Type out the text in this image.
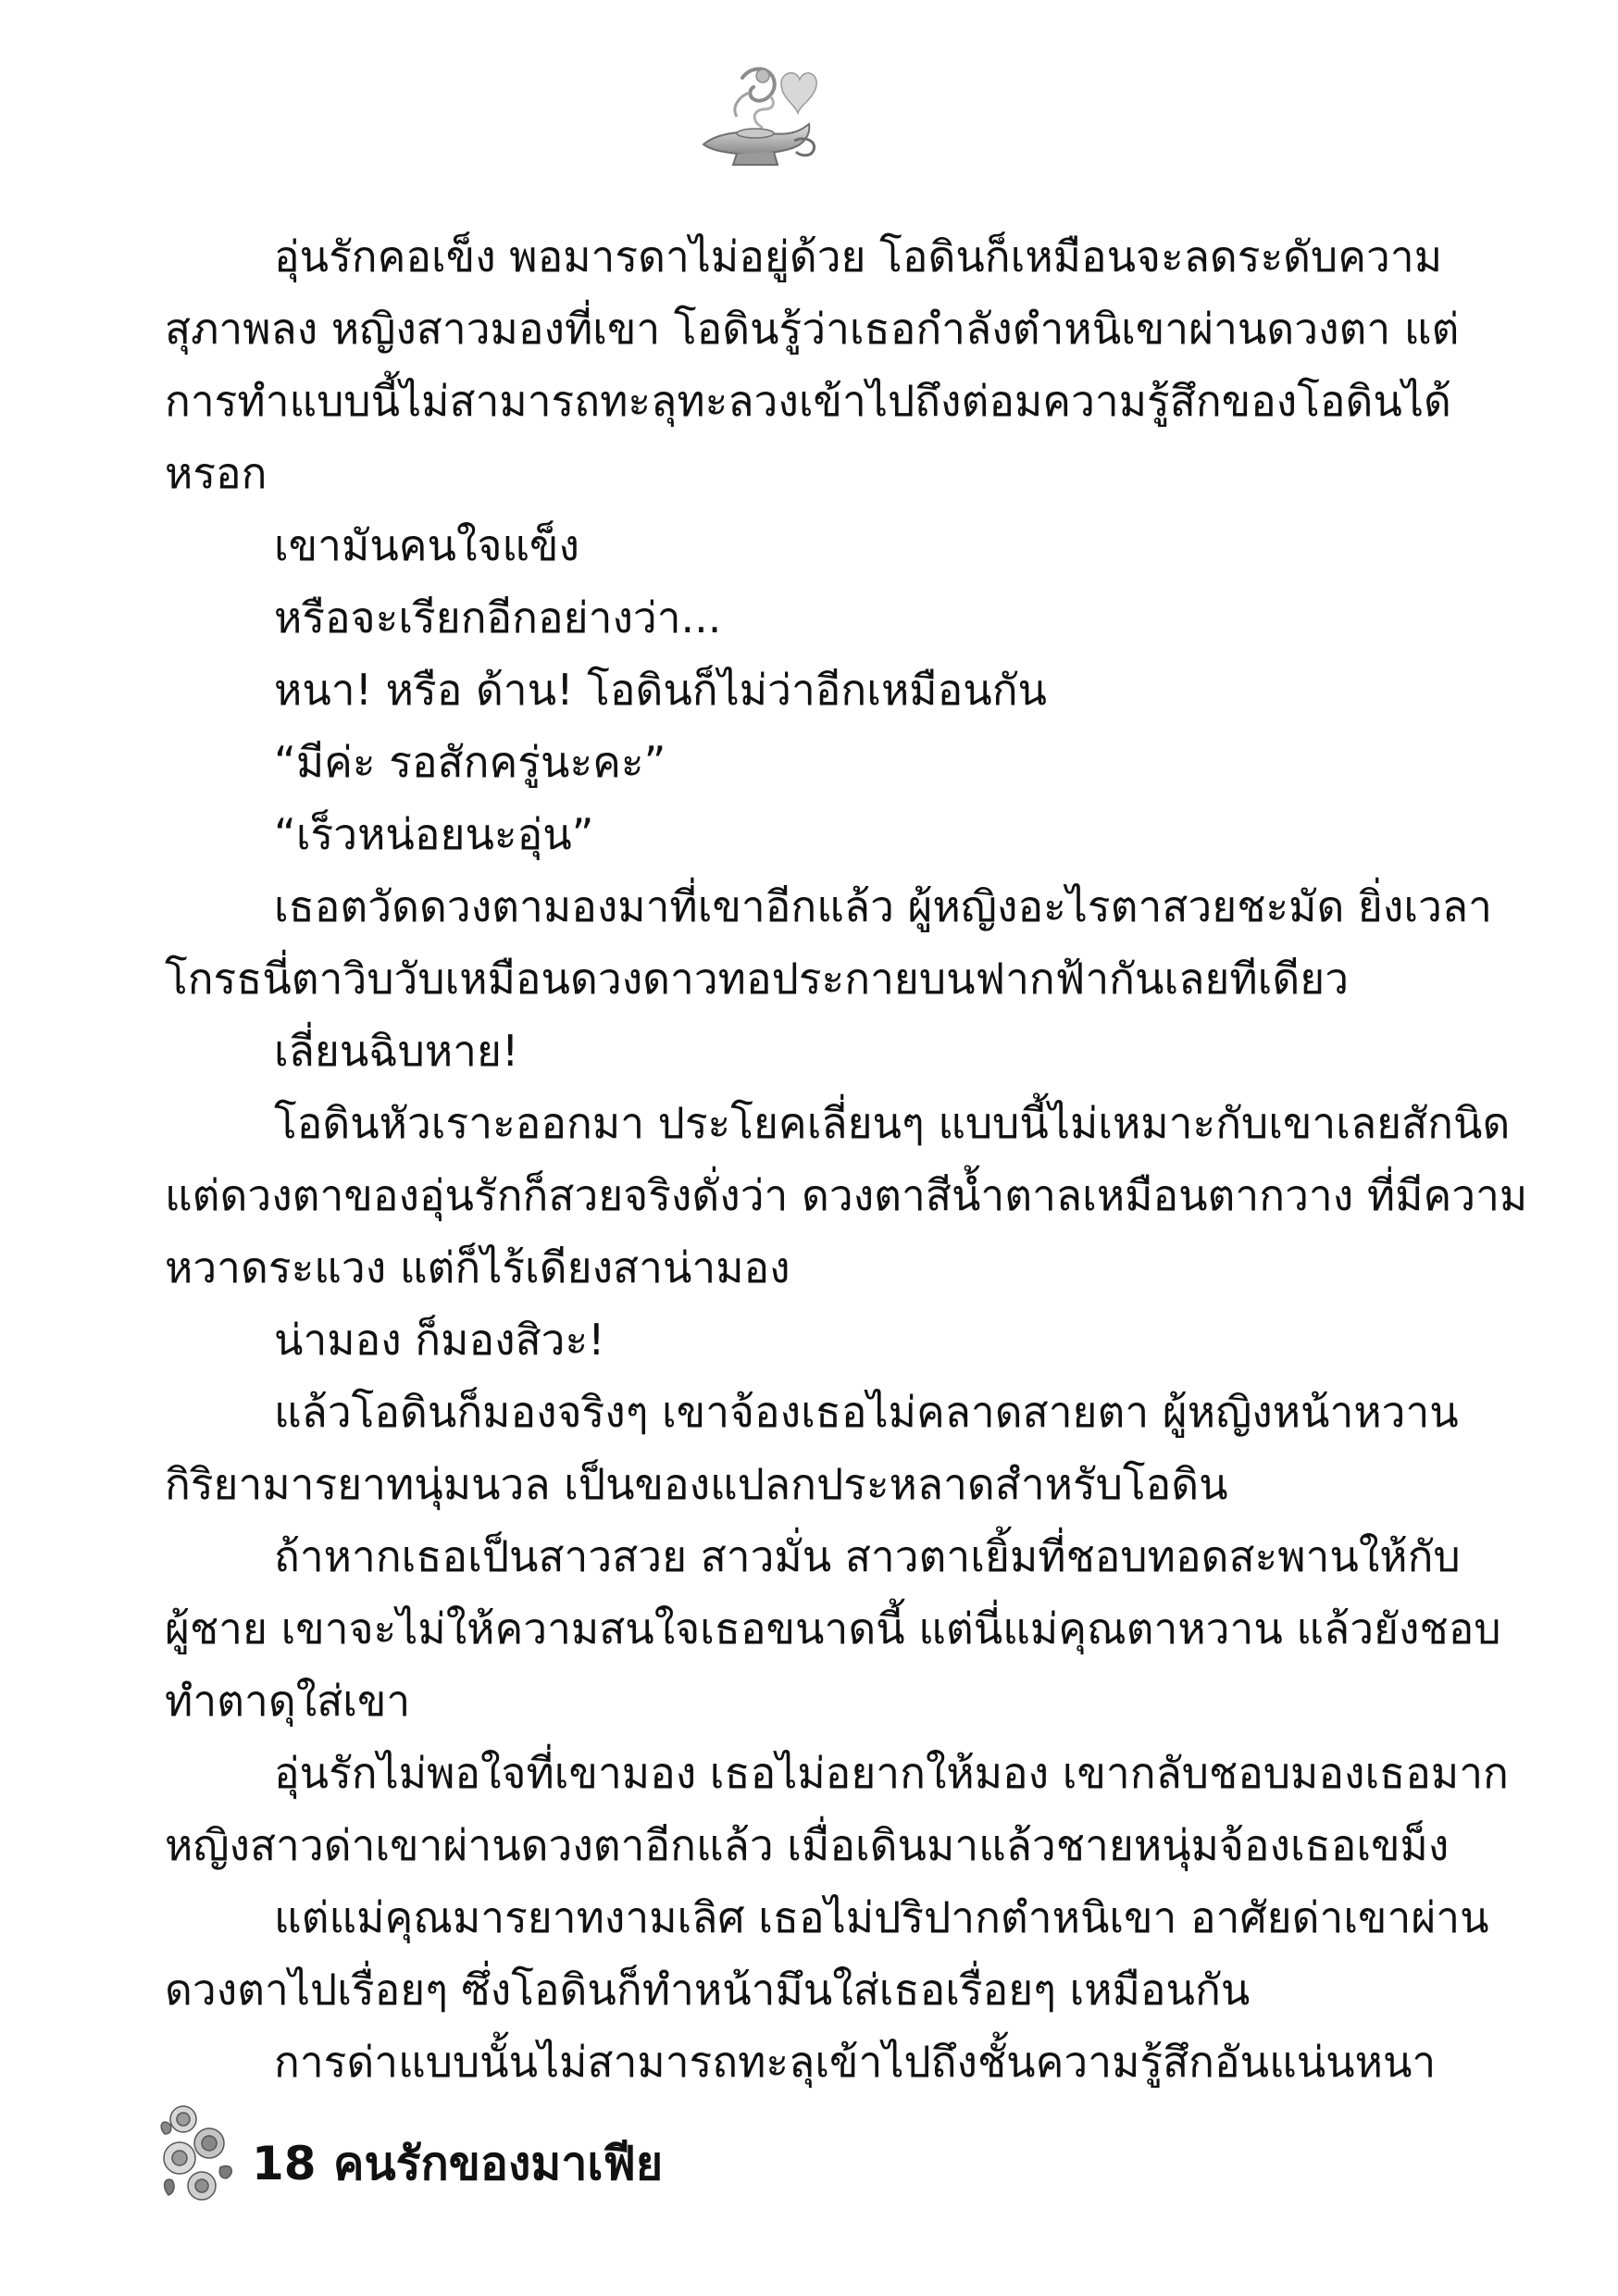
อุ่นรักคอเข็ง พอมารดาไม่อยู่ด้วย โอดินก็เหมือนจะลดระดับความ
สุภาพลง หญิงสาวมองที่เขา โอดินรู้ว่าเธอกำลังตำหนิเขาผ่านดวงตา แต่
การทำแบบนี้ไม่สามารถทะลุทะลวงเข้าไปถึงต่อมความรู้สึกของโอดินได้
หรอก
เขามันคนใจแข็ง
หรือจะเรียกอีกอย่างว่า...
หนา! หรือ ด้าน! โอดินก็ไม่ว่าอีกเหมือนกัน
“มีค่ะ รอสักครู่นะคะ”
“เร็วหน่อยนะอุ่น”
เธอตวัดดวงตามองมาที่เขาอีกแล้ว ผู้หญิงอะไรตาสวยชะมัด ยิ่งเวลา
โกรธนี่ตาวิบวับเหมือนดวงดาวทอประกายบนฟากฟ้ากันเลยทีเดียว
เลี่ยนฉิบหาย!
โอดินหัวเราะออกมา ประโยคเลี่ยนๆ แบบนี้ไม่เหมาะกับเขาเลยสักนิด
แต่ดวงตาของอุ่นรักก็สวยจริงดั่งว่า ดวงตาสีน้ำตาลเหมือนตากวาง ที่มีความ
หวาดระแวง แต่ก็ไร้เดียงสาน่ามอง
น่ามอง ก็มองสิวะ!
แล้วโอดินก็มองจริงๆ เขาจ้องเธอไม่คลาดสายตา ผู้หญิงหน้าหวาน
กิริยามารยาทนุ่มนวล เป็นของแปลกประหลาดสำหรับโอดิน
ถ้าหากเธอเป็นสาวสวย สาวมั่น สาวตาเยิ้มที่ชอบทอดสะพานให้กับ
ผู้ชาย เขาจะไม่ให้ความสนใจเธอขนาดนี้ แต่นี่แม่คุณตาหวาน แล้วยังชอบ
ทำตาดุใส่เขา
อุ่นรักไม่พอใจที่เขามอง เธอไม่อยากให้มอง เขากลับชอบมองเธอมาก
หญิงสาวด่าเขาผ่านดวงตาอีกแล้ว เมื่อเดินมาแล้วชายหนุ่มจ้องเธอเขม็ง
แต่แม่คุณมารยาทงามเลิศ เธอไม่ปริปากตำหนิเขา อาศัยด่าเขาผ่าน
ดวงตาไปเรื่อยๆ ซึ่งโอดินก็ทำหน้ามึนใส่เธอเรื่อยๆ เหมือนกัน
การด่าแบบนั้นไม่สามารถทะลุเข้าไปถึงชั้นความรู้สึกอันแน่นหนา
18 คนรักของมาเฟีย
